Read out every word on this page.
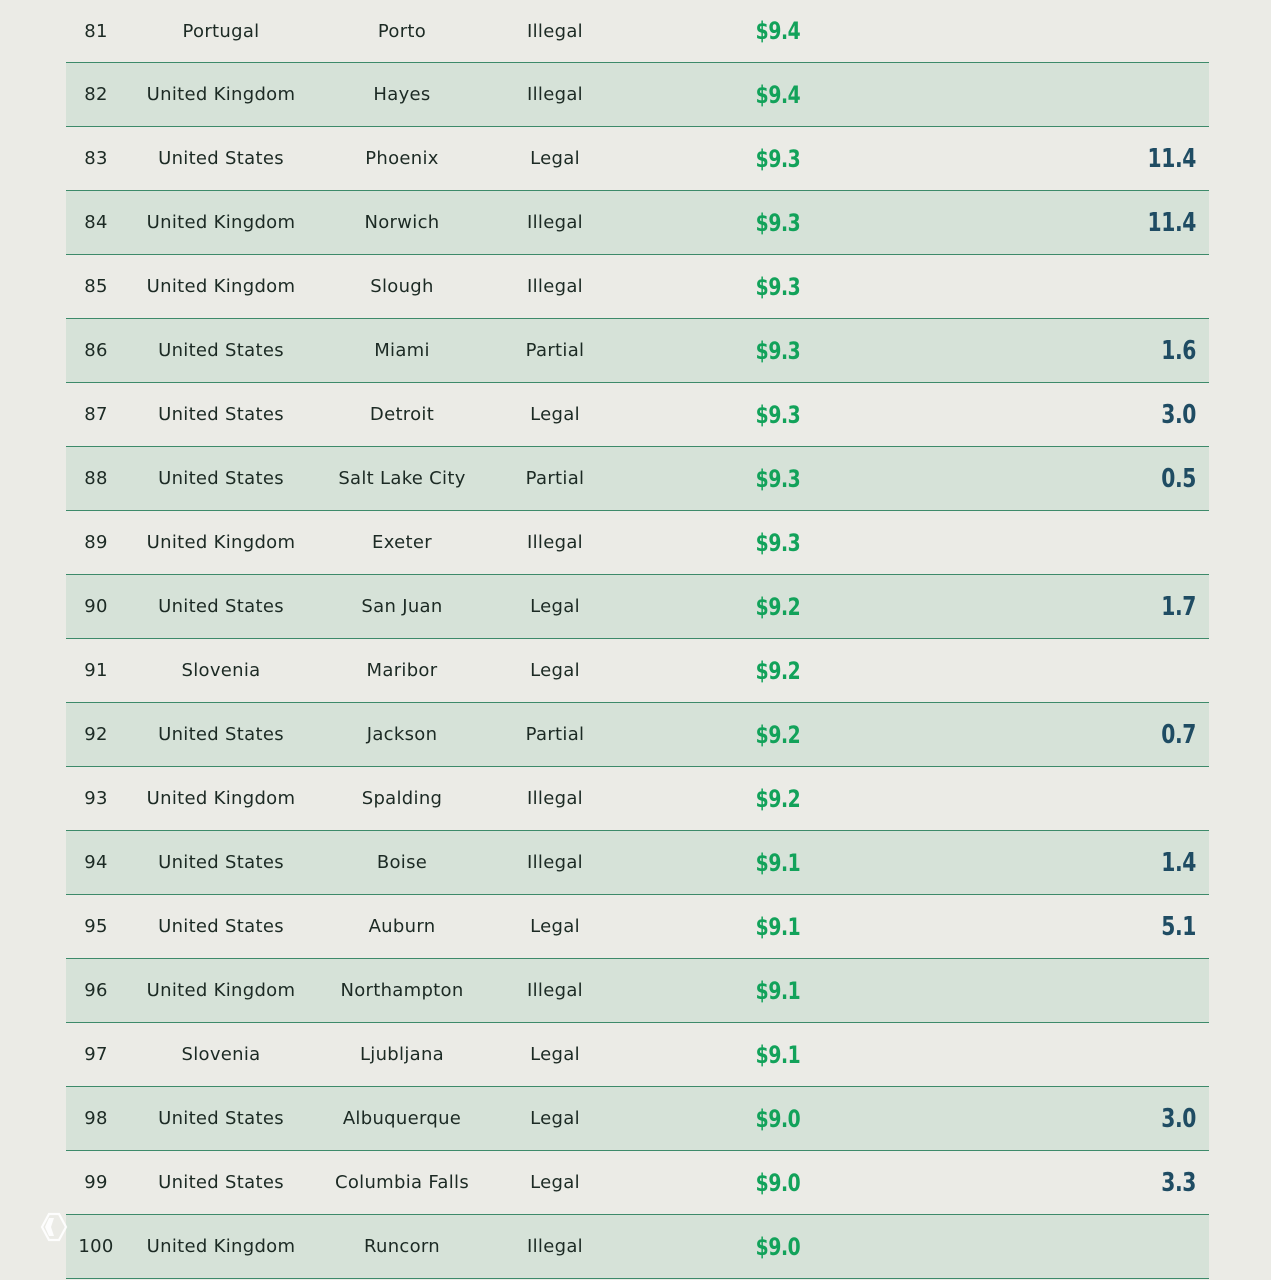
81	Portugal	Porto	Illegal	$9.4
82	United Kingdom	Hayes	Illegal	$9.4
83	United States	Phoenix	Legal	$9.3	11.4
84	United Kingdom	Norwich	Illegal	$9.3	11.4
85	United Kingdom	Slough	Illegal	$9.3
86	United States	Miami	Partial	$9.3	1.6
87	United States	Detroit	Legal	$9.3	3.0
88	United States	Salt Lake City	Partial	$9.3	0.5
89	United Kingdom	Exeter	Illegal	$9.3
90	United States	San Juan	Legal	$9.2	1.7
91	Slovenia	Maribor	Legal	$9.2
92	United States	Jackson	Partial	$9.2	0.7
93	United Kingdom	Spalding	Illegal	$9.2
94	United States	Boise	Illegal	$9.1	1.4
95	United States	Auburn	Legal	$9.1	5.1
96	United Kingdom	Northampton	Illegal	$9.1
97	Slovenia	Ljubljana	Legal	$9.1
98	United States	Albuquerque	Legal	$9.0	3.0
99	United States	Columbia Falls	Legal	$9.0	3.3
100	United Kingdom	Runcorn	Illegal	$9.0
